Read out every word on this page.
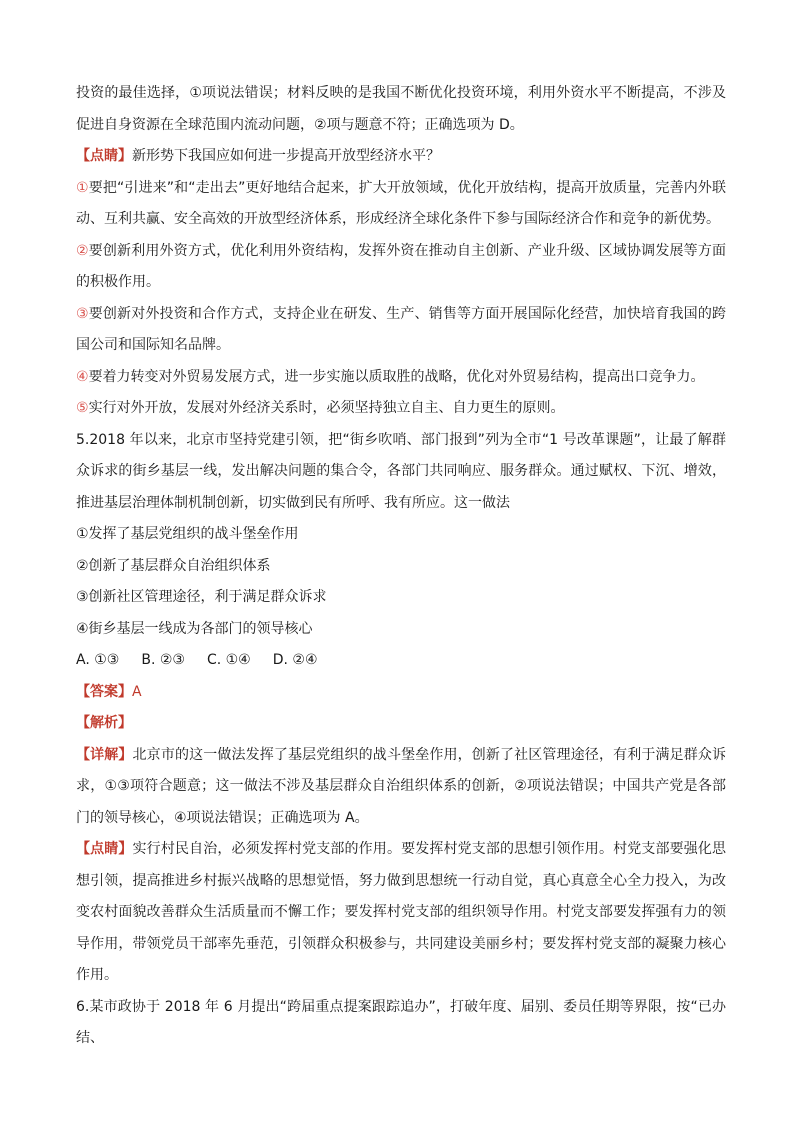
投资的最佳选择，①项说法错误；材料反映的是我国不断优化投资环境，利用外资水平不断提高，不涉及促进自身资源在全球范围内流动问题，②项与题意不符；正确选项为 D。

【点睛】新形势下我国应如何进一步提高开放型经济水平？

①要把“引进来”和“走出去”更好地结合起来，扩大开放领域，优化开放结构，提高开放质量，完善内外联动、互利共赢、安全高效的开放型经济体系，形成经济全球化条件下参与国际经济合作和竞争的新优势。

②要创新利用外资方式，优化利用外资结构，发挥外资在推动自主创新、产业升级、区域协调发展等方面的积极作用。

③要创新对外投资和合作方式，支持企业在研发、生产、销售等方面开展国际化经营，加快培育我国的跨国公司和国际知名品牌。

④要着力转变对外贸易发展方式，进一步实施以质取胜的战略，优化对外贸易结构，提高出口竞争力。

⑤实行对外开放，发展对外经济关系时，必须坚持独立自主、自力更生的原则。

5.2018 年以来，北京市坚持党建引领，把“街乡吹哨、部门报到”列为全市“1 号改革课题”，让最了解群众诉求的街乡基层一线，发出解决问题的集合令，各部门共同响应、服务群众。通过赋权、下沉、增效，推进基层治理体制机制创新，切实做到民有所呼、我有所应。这一做法

①发挥了基层党组织的战斗堡垒作用

②创新了基层群众自治组织体系

③创新社区管理途径，利于满足群众诉求

④街乡基层一线成为各部门的领导核心

A. ①③ B. ②③ C. ①④ D. ②④

【答案】A

【解析】

【详解】北京市的这一做法发挥了基层党组织的战斗堡垒作用，创新了社区管理途径，有利于满足群众诉求，①③项符合题意；这一做法不涉及基层群众自治组织体系的创新，②项说法错误；中国共产党是各部门的领导核心，④项说法错误；正确选项为 A。

【点睛】实行村民自治，必须发挥村党支部的作用。要发挥村党支部的思想引领作用。村党支部要强化思想引领，提高推进乡村振兴战略的思想觉悟，努力做到思想统一行动自觉，真心真意全心全力投入，为改变农村面貌改善群众生活质量而不懈工作；要发挥村党支部的组织领导作用。村党支部要发挥强有力的领导作用，带领党员干部率先垂范，引领群众积极参与，共同建设美丽乡村；要发挥村党支部的凝聚力核心作用。

6.某市政协于 2018 年 6 月提出“跨届重点提案跟踪追办”，打破年度、届别、委员任期等界限，按“已办结、
